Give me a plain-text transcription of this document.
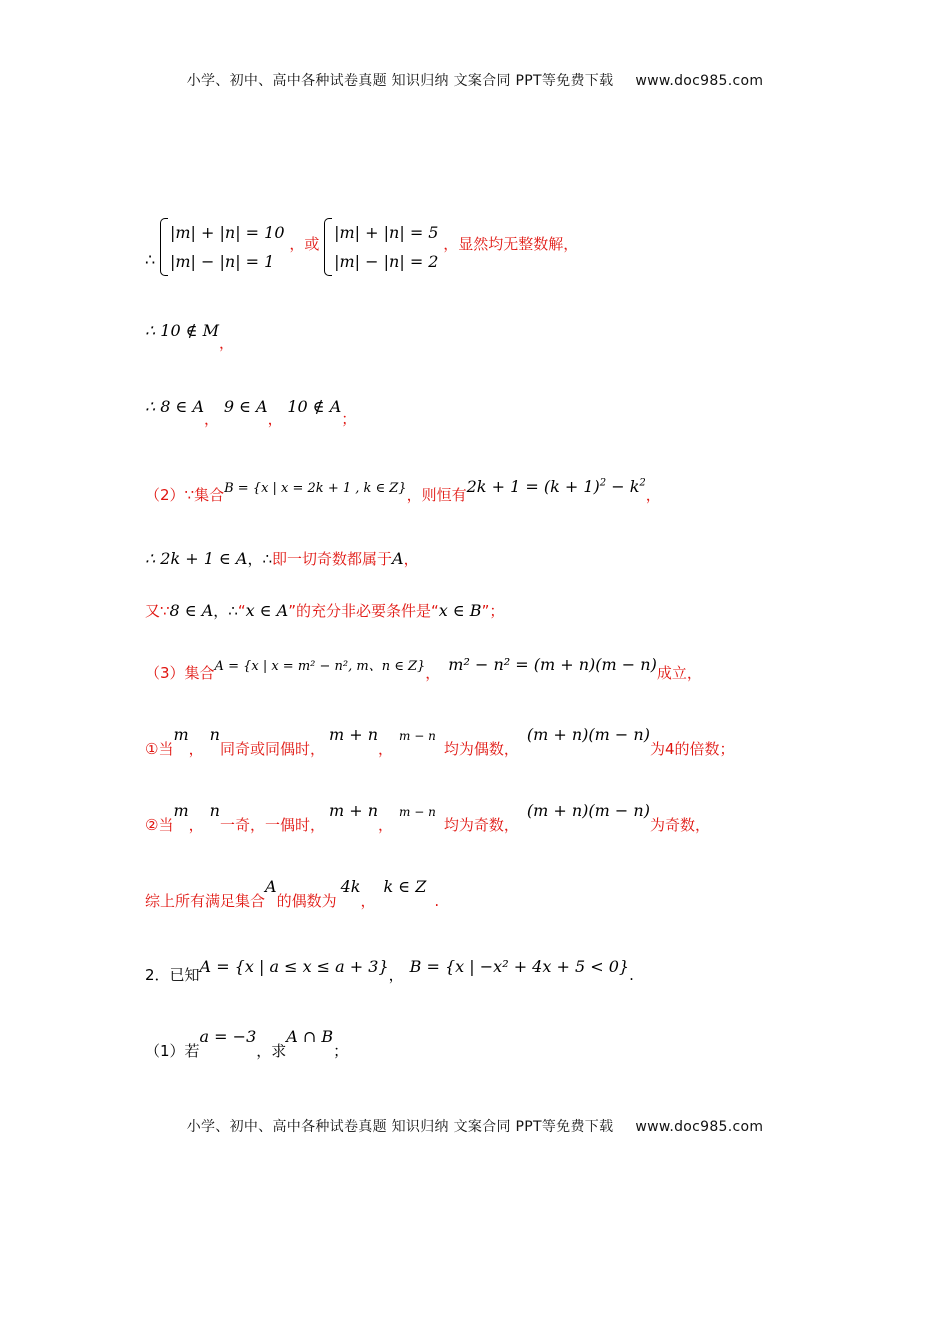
小学、初中、高中各种试卷真题 知识归纳 文案合同 PPT等免费下载 www.doc985.com
∴
|m| + |n| = 10
|m| − |n| = 1
，或
|m| + |n| = 5
|m| − |n| = 2
，显然均无整数解，
∴ 10 ∉ M，
∴ 8 ∈ A， 9 ∈ A， 10 ∉ A；
（2）∵集合B = {x | x = 2k + 1 , k ∈ Z}，则恒有$2k + 1 = (k + 1)^2 - k^2$，
∴ 2k + 1 ∈ A，∴即一切奇数都属于A，
又∵8 ∈ A，∴“x ∈ A”的充分非必要条件是“x ∈ B”；
（3）集合A = {x | x = m² − n², m、n ∈ Z}， m² − n² = (m + n)(m − n)成立，
①当m，n同奇或同偶时，m + n，$^{m - n}$均为偶数，(m + n)(m − n)为4的倍数；
②当m，n一奇，一偶时，m + n，$^{m - n}$均为奇数，(m + n)(m − n)为奇数，
综上所有满足集合A的偶数为4k，k ∈ Z.
2．已知A = {x | a ≤ x ≤ a + 3}， B = {x | −x² + 4x + 5 < 0}.
（1）若a = −3，求A ∩ B；
小学、初中、高中各种试卷真题 知识归纳 文案合同 PPT等免费下载 www.doc985.com
